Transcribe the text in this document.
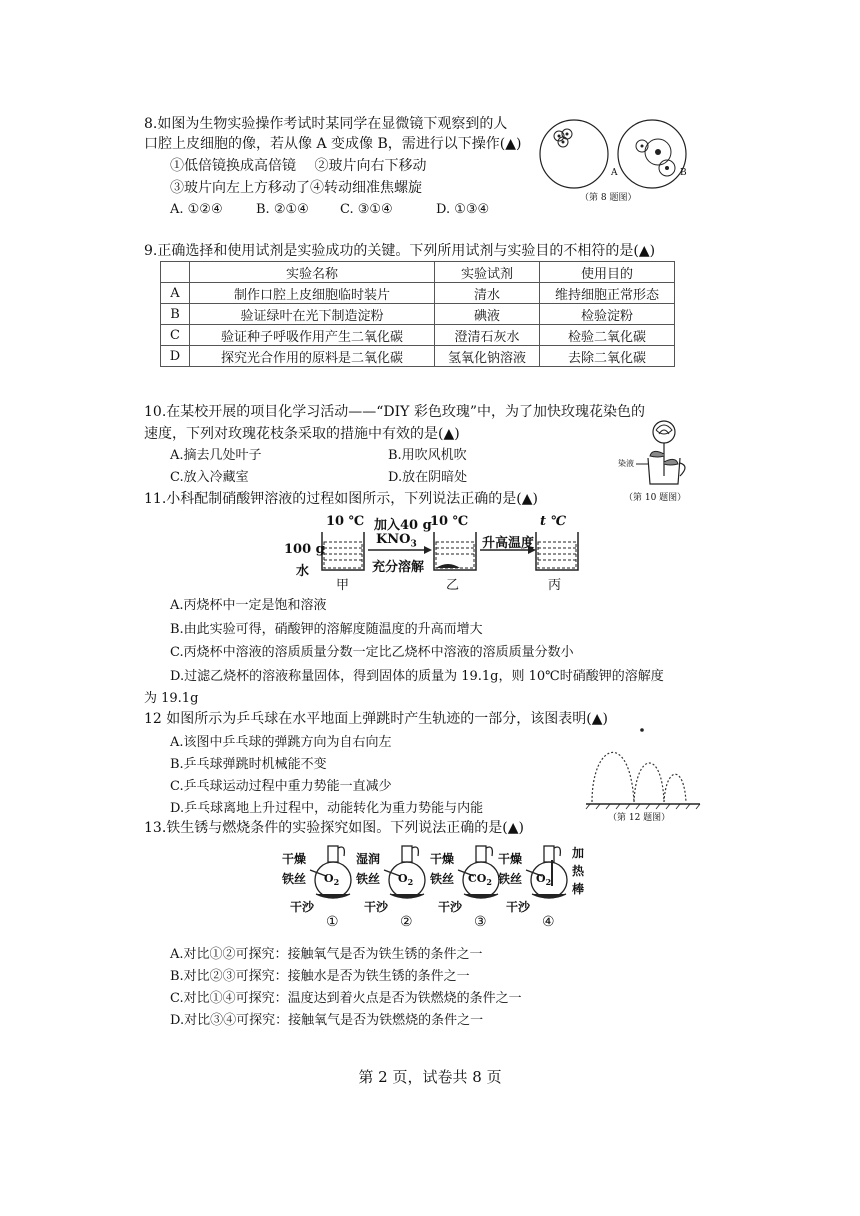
8.如图为生物实验操作考试时某同学在显微镜下观察到的人
口腔上皮细胞的像，若从像 A 变成像 B，需进行以下操作(▲)
①低倍镜换成高倍镜　 ②玻片向右下移动
③玻片向左上方移动了④转动细准焦螺旋
A. ①②④	B. ②①④ C. ③①④	D. ①③④
A	B
（第 8 题图）
9.正确选择和使用试剂是实验成功的关键。下列所用试剂与实验目的不相符的是(▲)
	实验名称	实验试剂	使用目的
A	制作口腔上皮细胞临时装片	清水	维持细胞正常形态
B	验证绿叶在光下制造淀粉	碘液	检验淀粉
C	验证种子呼吸作用产生二氧化碳	澄清石灰水	检验二氧化碳
D	探究光合作用的原料是二氧化碳	氢氧化钠溶液	去除二氧化碳
10.在某校开展的项目化学习活动——“DIY 彩色玫瑰”中，为了加快玫瑰花染色的
速度，下列对玫瑰花枝条采取的措施中有效的是(▲)
A.摘去几处叶子	B.用吹风机吹
C.放入冷藏室	D.放在阴暗处
染液
（第 10 题图）
11.小科配制硝酸钾溶液的过程如图所示，下列说法正确的是(▲)
10 ℃ 加入40 g
$KNO_3$
10 ℃
升高温度
t ℃
100 g
水	充分溶解
甲	乙	丙
A.丙烧杯中一定是饱和溶液
B.由此实验可得，硝酸钾的溶解度随温度的升高而增大
C.丙烧杯中溶液的溶质质量分数一定比乙烧杯中溶液的溶质质量分数小
D.过滤乙烧杯的溶液称量固体，得到固体的质量为 19.1g，则 10℃时硝酸钾的溶解度
为 19.1g
12 如图所示为乒乓球在水平地面上弹跳时产生轨迹的一部分，该图表明(▲)
A.该图中乒乓球的弹跳方向为自右向左
B.乒乓球弹跳时机械能不变
C.乒乓球运动过程中重力势能一直减少
D.乒乓球离地上升过程中，动能转化为重力势能与内能
（第 12 题图）
13.铁生锈与燃烧条件的实验探究如图。下列说法正确的是(▲)
干燥
铁丝 $O_2$
干沙
①
湿润
铁丝 $O_2$
干沙
②
干燥
铁丝 $CO_2$
干沙
③
干燥
铁丝 $O_2$
干沙
④
加
热
棒
A.对比①②可探究：接触氧气是否为铁生锈的条件之一
B.对比②③可探究：接触水是否为铁生锈的条件之一
C.对比①④可探究：温度达到着火点是否为铁燃烧的条件之一
D.对比③④可探究：接触氧气是否为铁燃烧的条件之一
第 2 页，试卷共 8 页
